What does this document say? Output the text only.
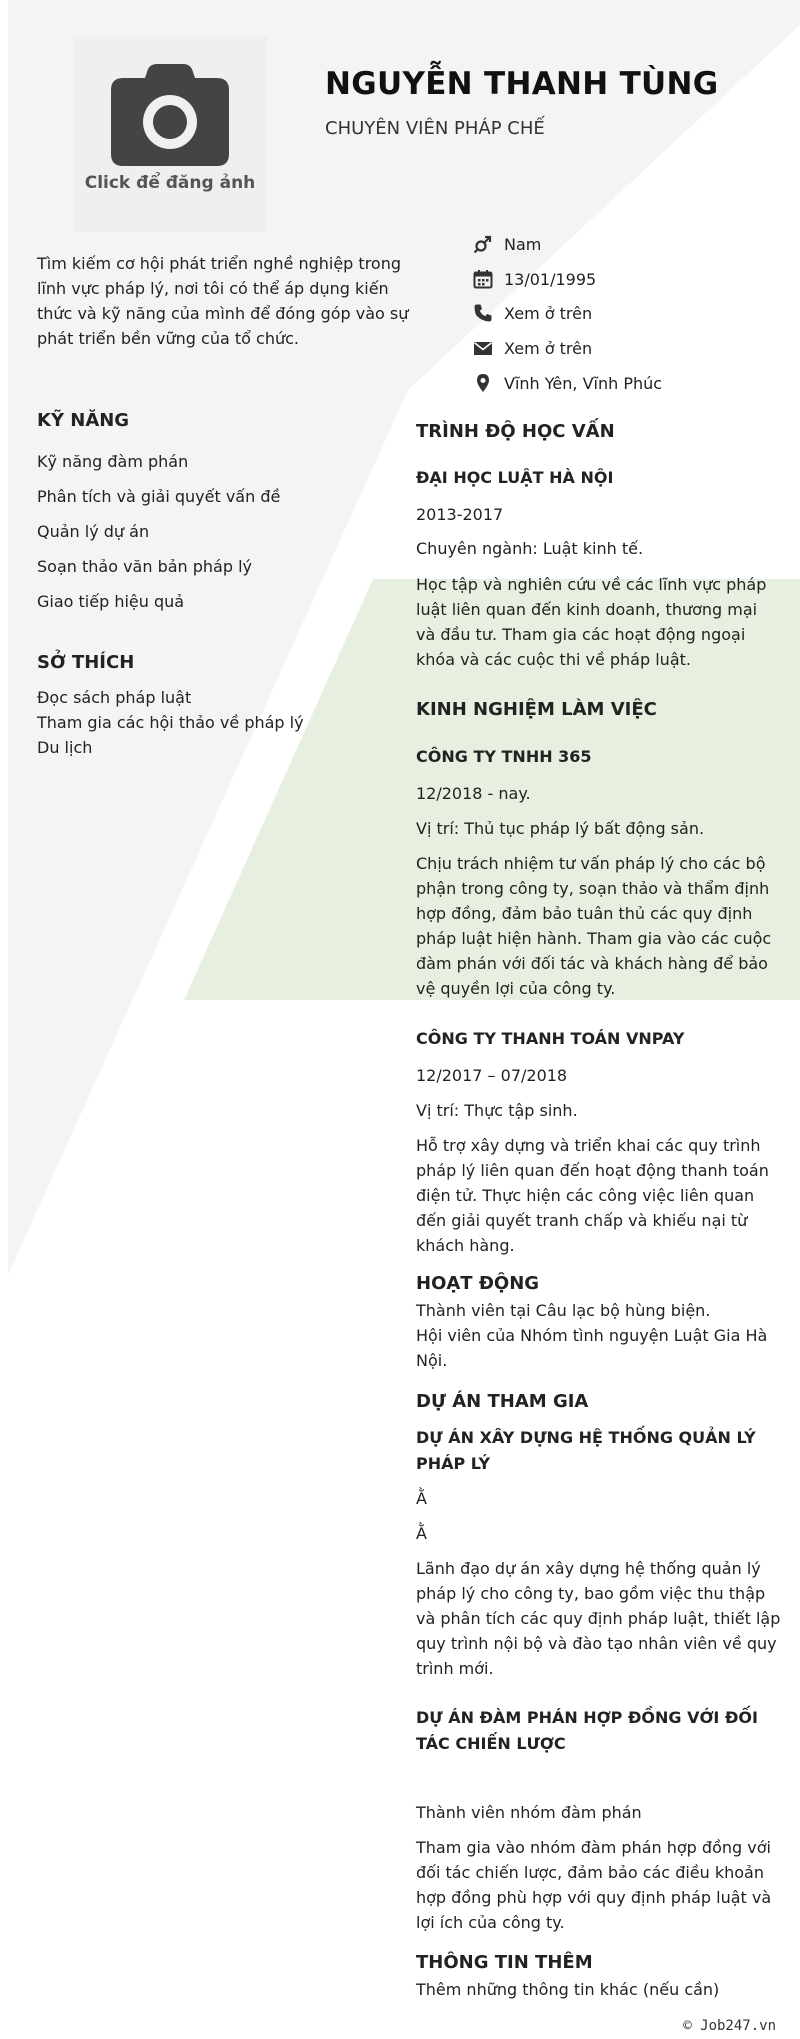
Click để đăng ảnh
NGUYỄN THANH TÙNG
CHUYÊN VIÊN PHÁP CHẾ
Tìm kiếm cơ hội phát triển nghề nghiệp trong lĩnh vực pháp lý, nơi tôi có thể áp dụng kiến thức và kỹ năng của mình để đóng góp vào sự phát triển bền vững của tổ chức.
Nam
13/01/1995
Xem ở trên
Xem ở trên
Vĩnh Yên, Vĩnh Phúc
KỸ NĂNG
Kỹ năng đàm phán
Phân tích và giải quyết vấn đề
Quản lý dự án
Soạn thảo văn bản pháp lý
Giao tiếp hiệu quả
SỞ THÍCH
Đọc sách pháp luật
Tham gia các hội thảo về pháp lý
Du lịch
TRÌNH ĐỘ HỌC VẤN
ĐẠI HỌC LUẬT HÀ NỘI
2013-2017
Chuyên ngành: Luật kinh tế.
Học tập và nghiên cứu về các lĩnh vực pháp luật liên quan đến kinh doanh, thương mại và đầu tư. Tham gia các hoạt động ngoại khóa và các cuộc thi về pháp luật.
KINH NGHIỆM LÀM VIỆC
CÔNG TY TNHH 365
12/2018 - nay.
Vị trí: Thủ tục pháp lý bất động sản.
Chịu trách nhiệm tư vấn pháp lý cho các bộ phận trong công ty, soạn thảo và thẩm định hợp đồng, đảm bảo tuân thủ các quy định pháp luật hiện hành. Tham gia vào các cuộc đàm phán với đối tác và khách hàng để bảo vệ quyền lợi của công ty.
CÔNG TY THANH TOÁN VNPAY
12/2017 – 07/2018
Vị trí: Thực tập sinh.
Hỗ trợ xây dựng và triển khai các quy trình pháp lý liên quan đến hoạt động thanh toán điện tử. Thực hiện các công việc liên quan đến giải quyết tranh chấp và khiếu nại từ khách hàng.
HOẠT ĐỘNG
Thành viên tại Câu lạc bộ hùng biện.
Hội viên của Nhóm tình nguyện Luật Gia Hà Nội.
DỰ ÁN THAM GIA
DỰ ÁN XÂY DỰNG HỆ THỐNG QUẢN LÝ PHÁP LÝ
Ằ
Ằ
Lãnh đạo dự án xây dựng hệ thống quản lý pháp lý cho công ty, bao gồm việc thu thập và phân tích các quy định pháp luật, thiết lập quy trình nội bộ và đào tạo nhân viên về quy trình mới.
DỰ ÁN ĐÀM PHÁN HỢP ĐỒNG VỚI ĐỐI TÁC CHIẾN LƯỢC
Thành viên nhóm đàm phán
Tham gia vào nhóm đàm phán hợp đồng với đối tác chiến lược, đảm bảo các điều khoản hợp đồng phù hợp với quy định pháp luật và lợi ích của công ty.
THÔNG TIN THÊM
Thêm những thông tin khác (nếu cần)
© Job247.vn
